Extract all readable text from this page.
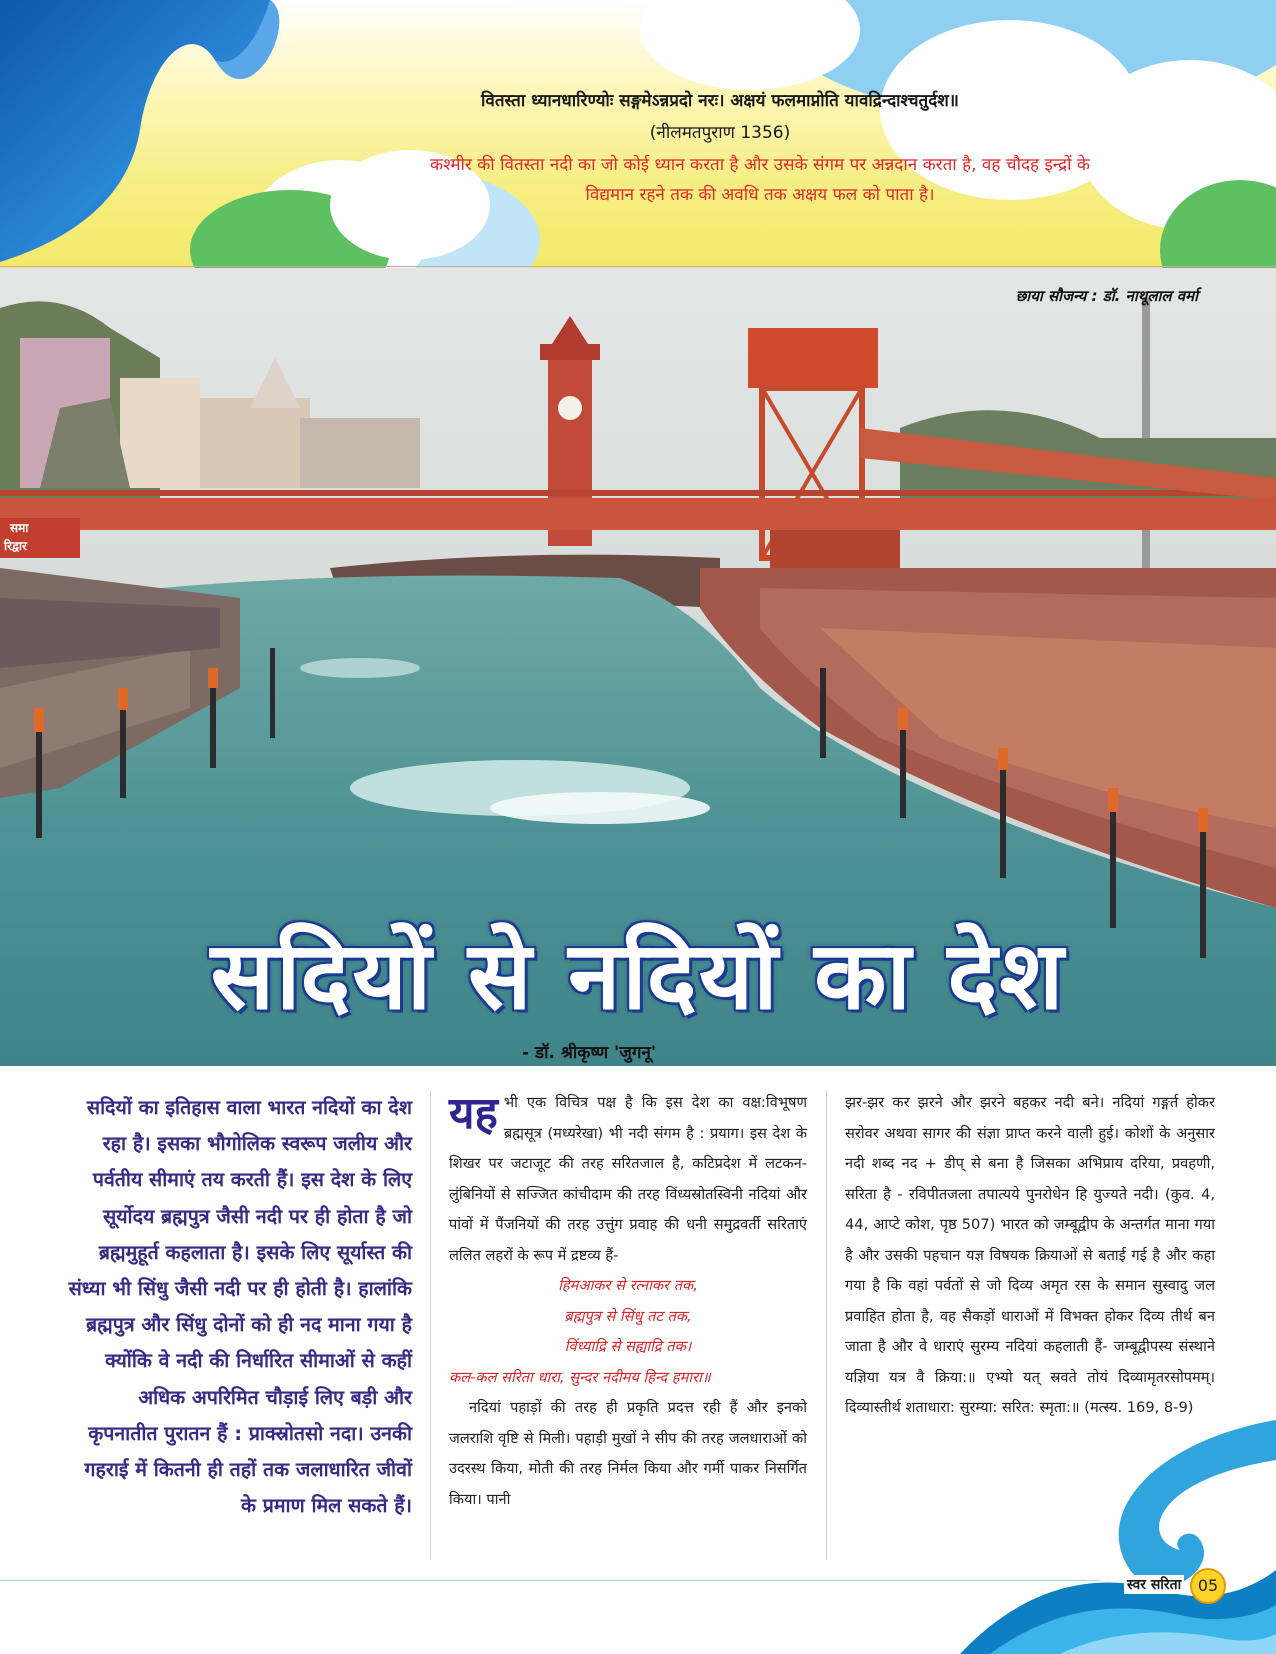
वितस्ता ध्यानधारिण्योः सङ्गमेऽन्नप्रदो नरः। अक्षयं फलमाप्नोति यावद्रिन्दाश्चतुर्दश॥
(नीलमतपुराण 1356)
कश्मीर की वितस्ता नदी का जो कोई ध्यान करता है और उसके संगम पर अन्नदान करता है, वह चौदह इन्द्रों के विद्यमान रहने तक की अवधि तक अक्षय फल को पाता है।
समा
रिद्वार
छाया सौजन्य : डॉ. नाथूलाल वर्मा
सदियों से नदियों का देश
- डॉ. श्रीकृष्ण 'जुगनू'

सदियों का इतिहास वाला भारत नदियों का देश रहा है। इसका भौगोलिक स्वरूप जलीय और पर्वतीय सीमाएं तय करती हैं। इस देश के लिए सूर्योदय ब्रह्मपुत्र जैसी नदी पर ही होता है जो ब्रह्ममुहूर्त कहलाता है। इसके लिए सूर्यास्त की संध्या भी सिंधु जैसी नदी पर ही होती है। हालांकि ब्रह्मपुत्र और सिंधु दोनों को ही नद माना गया है क्योंकि वे नदी की निर्धारित सीमाओं से कहीं अधिक अपरिमित चौड़ाई लिए बड़ी और कृपनातीत पुरातन हैं : प्राक्स्रोतसो नदा। उनकी गहराई में कितनी ही तहों तक जलाधारित जीवों के प्रमाण मिल सकते हैं।

यह भी एक विचित्र पक्ष है कि इस देश का वक्ष:विभूषण ब्रह्मसूत्र (मध्यरेखा) भी नदी संगम है : प्रयाग। इस देश के शिखर पर जटाजूट की तरह सरितजाल है, कटिप्रदेश में लटकन-लुंबिनियों से सज्जित कांचीदाम की तरह विंध्यस्रोतस्विनी नदियां और पांवों में पैंजनियों की तरह उत्तुंग प्रवाह की धनी समुद्रवर्ती सरिताएं ललित लहरों के रूप में द्रष्टव्य हैं-

हिमआकर से रत्नाकर तक,
ब्रह्मपुत्र से सिंधु तट तक,
विंध्याद्रि से सह्याद्रि तक।
कल-कल सरिता धारा, सुन्दर नदीमय हिन्द हमारा॥

नदियां पहाड़ों की तरह ही प्रकृति प्रदत्त रही हैं और इनको जलराशि वृष्टि से मिली। पहाड़ी मुखों ने सीप की तरह जलधाराओं को उदरस्थ किया, मोती की तरह निर्मल किया और गर्मी पाकर निसर्गित किया। पानी

झर-झर कर झरने और झरने बहकर नदी बने। नदियां गङ्गर्त होकर सरोवर अथवा सागर की संज्ञा प्राप्त करने वाली हुई। कोशों के अनुसार नदी शब्द नद + डीप् से बना है जिसका अभिप्राय दरिया, प्रवहणी, सरिता है - रविपीतजला तपात्यये पुनरोधेन हि युज्यते नदी। (कुव. 4, 44, आप्टे कोश, पृष्ठ 507) भारत को जम्बूद्वीप के अन्तर्गत माना गया है और उसकी पहचान यज्ञ विषयक क्रियाओं से बताई गई है और कहा गया है कि वहां पर्वतों से जो दिव्य अमृत रस के समान सुस्वादु जल प्रवाहित होता है, वह सैकड़ों धाराओं में विभक्त होकर दिव्य तीर्थ बन जाता है और वे धाराएं सुरम्य नदियां कहलाती हैं- जम्बूद्वीपस्य संस्थाने यज्ञिया यत्र वै क्रिया:॥ एभ्यो यत् स्रवते तोयं दिव्यामृतरसोपमम्। दिव्यास्तीर्थ शताधारा: सुरम्या: सरित: स्मृता:॥ (मत्स्य. 169, 8-9)

स्वर सरिता	05
